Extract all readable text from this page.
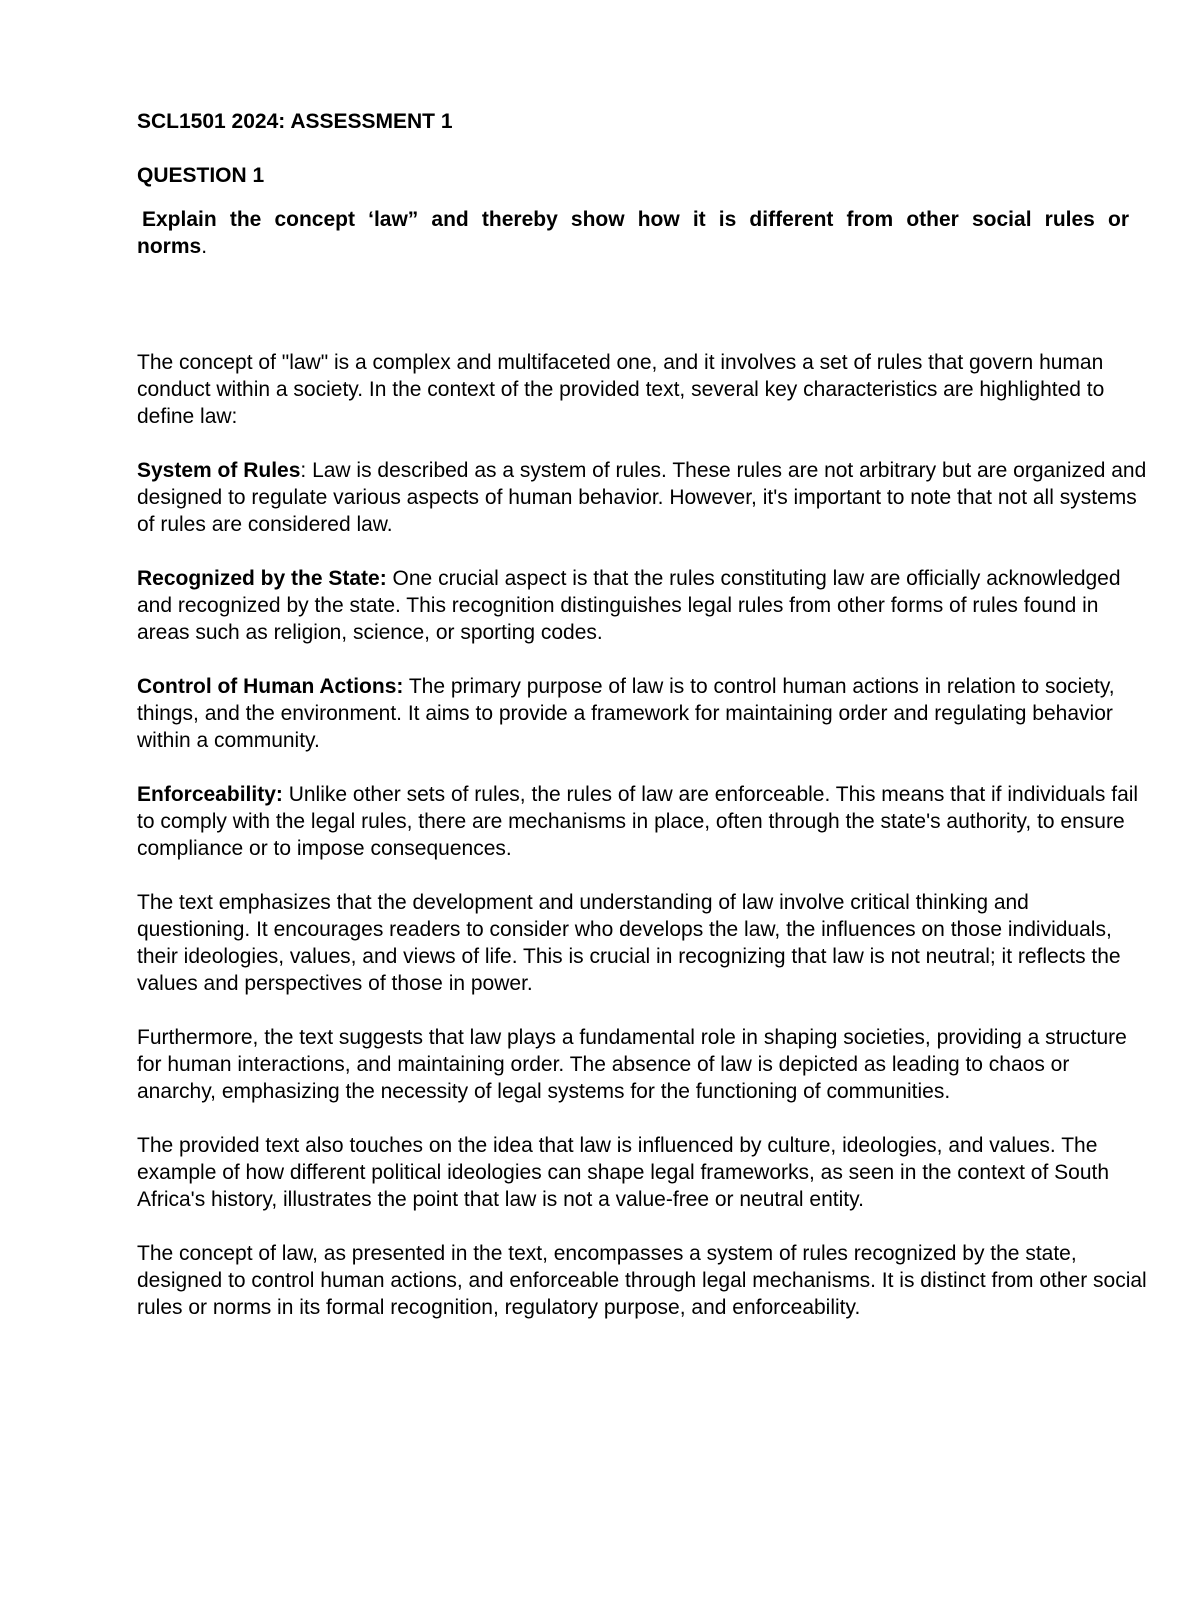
SCL1501 2024: ASSESSMENT 1

QUESTION 1

Explain the concept ‘law” and thereby show how it is different from other social rules ornorms.

The concept of "law" is a complex and multifaceted one, and it involves a set of rules that govern human conduct within a society. In the context of the provided text, several key characteristics are highlighted to define law:

System of Rules: Law is described as a system of rules. These rules are not arbitrary but are organized and designed to regulate various aspects of human behavior. However, it's important to note that not all systems of rules are considered law.

Recognized by the State: One crucial aspect is that the rules constituting law are officially acknowledged and recognized by the state. This recognition distinguishes legal rules from other forms of rules found in areas such as religion, science, or sporting codes.

Control of Human Actions: The primary purpose of law is to control human actions in relation to society, things, and the environment. It aims to provide a framework for maintaining order and regulating behavior within a community.

Enforceability: Unlike other sets of rules, the rules of law are enforceable. This means that if individuals fail to comply with the legal rules, there are mechanisms in place, often through the state's authority, to ensure compliance or to impose consequences.

The text emphasizes that the development and understanding of law involve critical thinking and questioning. It encourages readers to consider who develops the law, the influences on those individuals, their ideologies, values, and views of life. This is crucial in recognizing that law is not neutral; it reflects the values and perspectives of those in power.

Furthermore, the text suggests that law plays a fundamental role in shaping societies, providing a structure for human interactions, and maintaining order. The absence of law is depicted as leading to chaos or anarchy, emphasizing the necessity of legal systems for the functioning of communities.

The provided text also touches on the idea that law is influenced by culture, ideologies, and values. The example of how different political ideologies can shape legal frameworks, as seen in the context of South Africa's history, illustrates the point that law is not a value-free or neutral entity.

The concept of law, as presented in the text, encompasses a system of rules recognized by the state, designed to control human actions, and enforceable through legal mechanisms. It is distinct from other social rules or norms in its formal recognition, regulatory purpose, and enforceability.
